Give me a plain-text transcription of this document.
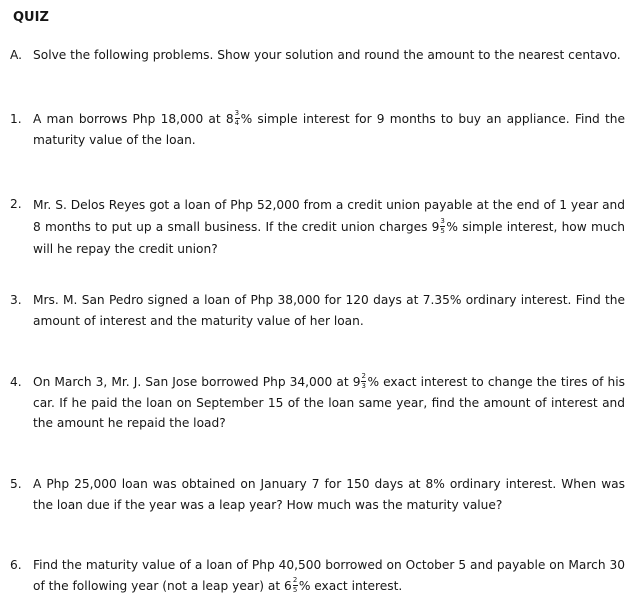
QUIZ
A. Solve the following problems. Show your solution and round the amount to the nearest centavo.
1. A man borrows Php 18,000 at $8 \frac{3}{4}$ % simple interest for 9 months to buy an appliance. Find the maturity value of the loan.
2. Mr. S. Delos Reyes got a loan of Php 52,000 from a credit union payable at the end of 1 year and 8 months to put up a small business. If the credit union charges $9 \frac{3}{5}$ % simple interest, how much will he repay the credit union?
3. Mrs. M. San Pedro signed a loan of Php 38,000 for 120 days at 7.35% ordinary interest. Find the amount of interest and the maturity value of her loan.
4. On March 3, Mr. J. San Jose borrowed Php 34,000 at $9 \frac{2}{3}$ % exact interest to change the tires of his car. If he paid the loan on September 15 of the loan same year, find the amount of interest and the amount he repaid the load?
5. A Php 25,000 loan was obtained on January 7 for 150 days at 8% ordinary interest. When was the loan due if the year was a leap year? How much was the maturity value?
6. Find the maturity value of a loan of Php 40,500 borrowed on October 5 and payable on March 30 of the following year (not a leap year) at $6 \frac{2}{5}$ % exact interest.
